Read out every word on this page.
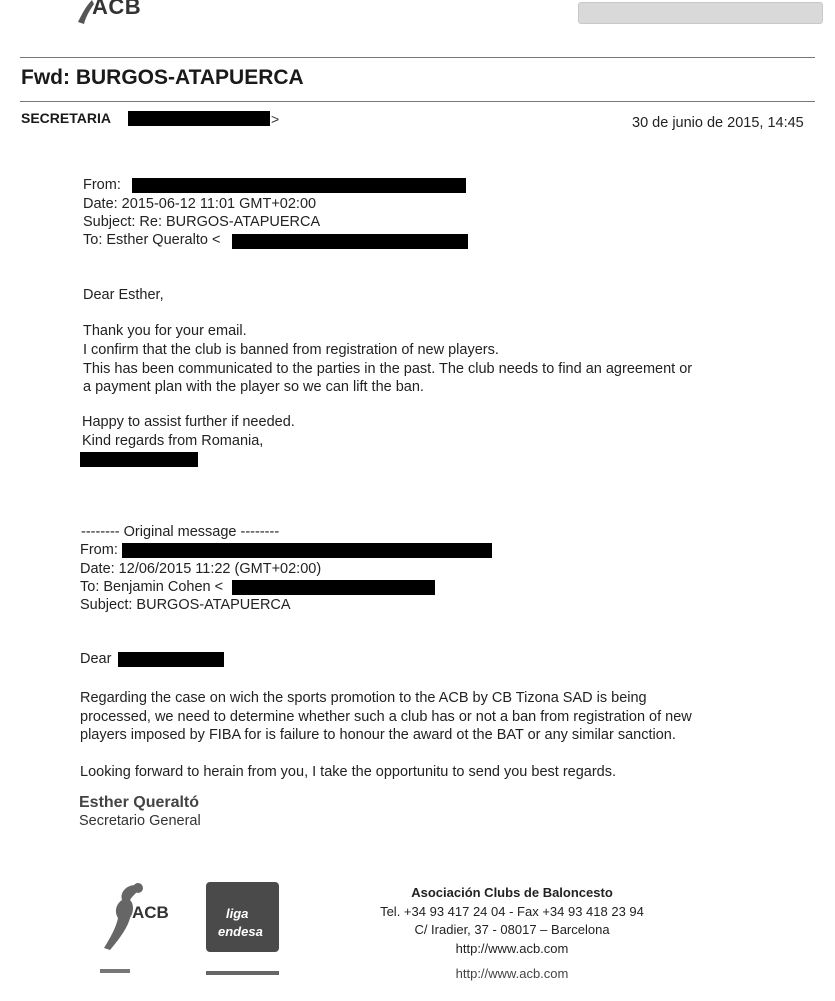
ACB
Fwd: BURGOS-ATAPUERCA
SECRETARIA	>	30 de junio de 2015, 14:45
From:
Date: 2015-06-12 11:01 GMT+02:00
Subject: Re: BURGOS-ATAPUERCA
To: Esther Queralto <
Dear Esther,
Thank you for your email.
I confirm that the club is banned from registration of new players.
This has been communicated to the parties in the past. The club needs to find an agreement or
a payment plan with the player so we can lift the ban.
Happy to assist further if needed.
Kind regards from Romania,
-------- Original message --------
From:
Date: 12/06/2015 11:22 (GMT+02:00)
To: Benjamin Cohen <
Subject: BURGOS-ATAPUERCA
Dear
Regarding the case on wich the sports promotion to the ACB by CB Tizona SAD is being
processed, we need to determine whether such a club has or not a ban from registration of new
players imposed by FIBA for is failure to honour the award ot the BAT or any similar sanction.
Looking forward to herain from you, I take the opportunitu to send you best regards.
Esther Queraltó
Secretario General
ACB	liga
endesa
Asociación Clubs de Baloncesto
Tel. +34 93 417 24 04 - Fax +34 93 418 23 94
C/ Iradier, 37 - 08017 – Barcelona
http://www.acb.com
http://www.acb.com
